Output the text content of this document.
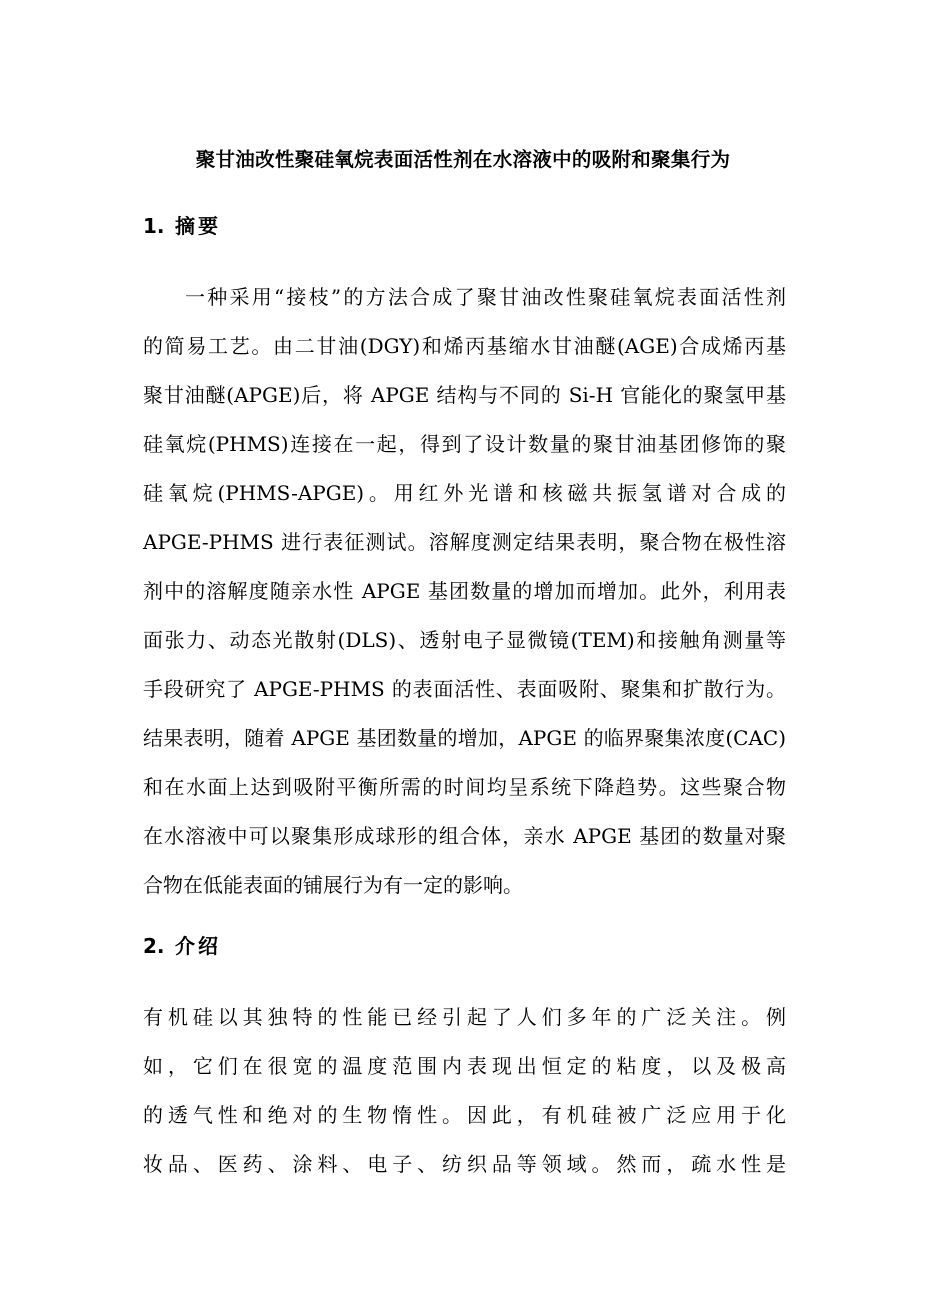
聚甘油改性聚硅氧烷表面活性剂在水溶液中的吸附和聚集行为
1. 摘要
一种采用“接枝”的方法合成了聚甘油改性聚硅氧烷表面活性剂
的简易工艺。由二甘油(DGY)和烯丙基缩水甘油醚(AGE)合成烯丙基
聚甘油醚(APGE)后，将 APGE 结构与不同的 Si-H 官能化的聚氢甲基
硅氧烷(PHMS)连接在一起，得到了设计数量的聚甘油基团修饰的聚
硅氧烷(PHMS-APGE)。用红外光谱和核磁共振氢谱对合成的
APGE-PHMS 进行表征测试。溶解度测定结果表明，聚合物在极性溶
剂中的溶解度随亲水性 APGE 基团数量的增加而增加。此外，利用表
面张力、动态光散射(DLS)、透射电子显微镜(TEM)和接触角测量等
手段研究了 APGE-PHMS 的表面活性、表面吸附、聚集和扩散行为。
结果表明，随着 APGE 基团数量的增加，APGE 的临界聚集浓度(CAC)
和在水面上达到吸附平衡所需的时间均呈系统下降趋势。这些聚合物
在水溶液中可以聚集形成球形的组合体，亲水 APGE 基团的数量对聚
合物在低能表面的铺展行为有一定的影响。
2. 介绍
有机硅以其独特的性能已经引起了人们多年的广泛关注。例
如，它们在很宽的温度范围内表现出恒定的粘度，以及极高
的透气性和绝对的生物惰性。因此，有机硅被广泛应用于化
妆品、医药、涂料、电子、纺织品等领域。然而，疏水性是
